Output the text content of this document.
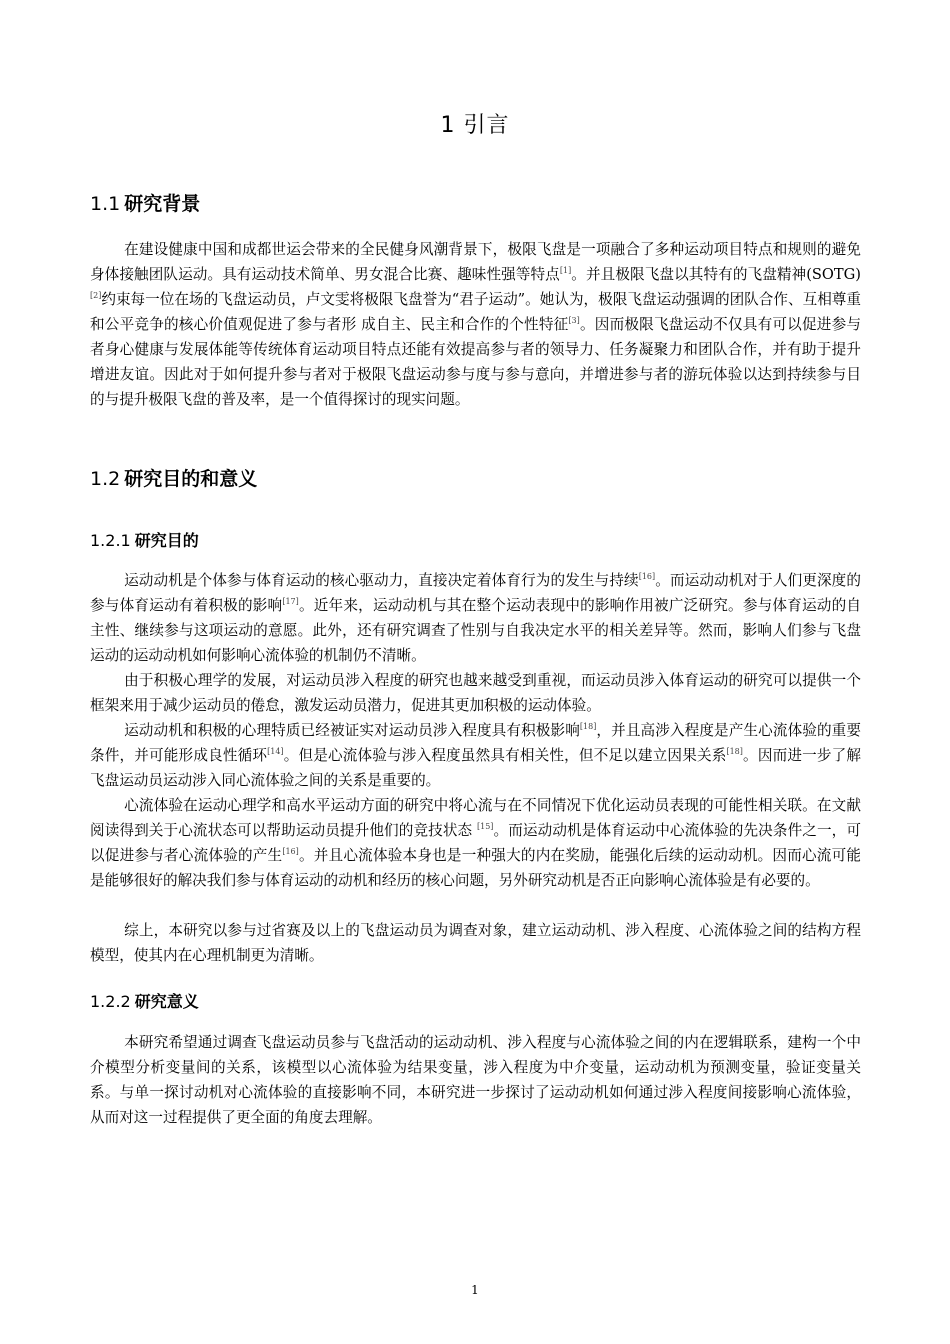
1 引言
1.1 研究背景

在建设健康中国和成都世运会带来的全民健身风潮背景下，极限飞盘是一项融合了多种运动项目特点和规则的避免身体接触团队运动。具有运动技术简单、男女混合比赛、趣味性强等特点[1]。并且极限飞盘以其特有的飞盘精神(SOTG)[2]约束每一位在场的飞盘运动员，卢文雯将极限飞盘誉为“君子运动”。她认为，极限飞盘运动强调的团队合作、互相尊重和公平竞争的核心价值观促进了参与者形 成自主、民主和合作的个性特征[3]。因而极限飞盘运动不仅具有可以促进参与者身心健康与发展体能等传统体育运动项目特点还能有效提高参与者的领导力、任务凝聚力和团队合作，并有助于提升增进友谊。因此对于如何提升参与者对于极限飞盘运动参与度与参与意向，并增进参与者的游玩体验以达到持续参与目的与提升极限飞盘的普及率，是一个值得探讨的现实问题。

1.2 研究目的和意义
1.2.1 研究目的

运动动机是个体参与体育运动的核心驱动力，直接决定着体育行为的发生与持续[16]。而运动动机对于人们更深度的参与体育运动有着积极的影响[17]。近年来，运动动机与其在整个运动表现中的影响作用被广泛研究。参与体育运动的自主性、继续参与这项运动的意愿。此外，还有研究调查了性别与自我决定水平的相关差异等。然而，影响人们参与飞盘运动的运动动机如何影响心流体验的机制仍不清晰。

由于积极心理学的发展，对运动员涉入程度的研究也越来越受到重视，而运动员涉入体育运动的研究可以提供一个框架来用于减少运动员的倦怠，激发运动员潜力，促进其更加积极的运动体验。

运动动机和积极的心理特质已经被证实对运动员涉入程度具有积极影响[18]，并且高涉入程度是产生心流体验的重要条件，并可能形成良性循环[14]。但是心流体验与涉入程度虽然具有相关性，但不足以建立因果关系[18]。因而进一步了解飞盘运动员运动涉入同心流体验之间的关系是重要的。

心流体验在运动心理学和高水平运动方面的研究中将心流与在不同情况下优化运动员表现的可能性相关联。在文献阅读得到关于心流状态可以帮助运动员提升他们的竞技状态 [15]。而运动动机是体育运动中心流体验的先决条件之一，可以促进参与者心流体验的产生[16]。并且心流体验本身也是一种强大的内在奖励，能强化后续的运动动机。因而心流可能是能够很好的解决我们参与体育运动的动机和经历的核心问题，另外研究动机是否正向影响心流体验是有必要的。

综上，本研究以参与过省赛及以上的飞盘运动员为调查对象，建立运动动机、涉入程度、心流体验之间的结构方程模型，使其内在心理机制更为清晰。

1.2.2 研究意义

本研究希望通过调查飞盘运动员参与飞盘活动的运动动机、涉入程度与心流体验之间的内在逻辑联系，建构一个中介模型分析变量间的关系，该模型以心流体验为结果变量，涉入程度为中介变量，运动动机为预测变量，验证变量关系。与单一探讨动机对心流体验的直接影响不同，本研究进一步探讨了运动动机如何通过涉入程度间接影响心流体验，从而对这一过程提供了更全面的角度去理解。

1
